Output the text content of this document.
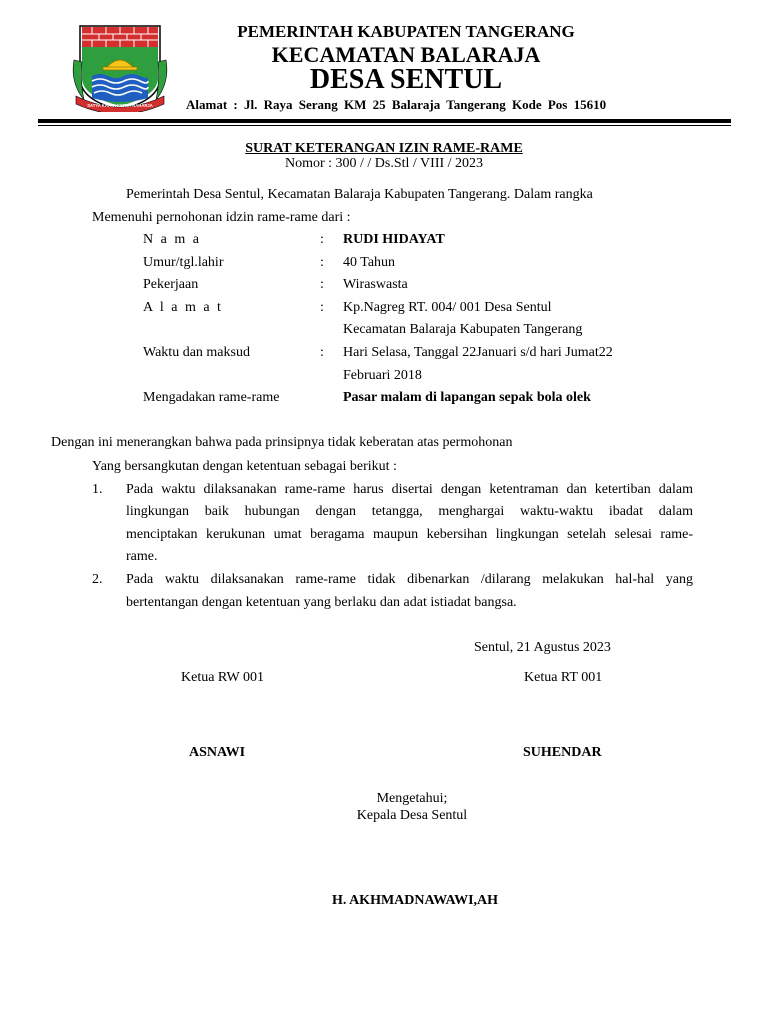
SATYA KARYA KERTA RAHARJA
PEMERINTAH KABUPATEN TANGERANG
KECAMATAN BALARAJA
DESA SENTUL
Alamat : Jl. Raya Serang KM 25 Balaraja Tangerang Kode Pos 15610
SURAT KETERANGAN IZIN RAME-RAME
Nomor : 300 / / Ds.Stl / VIII / 2023
Pemerintah Desa Sentul, Kecamatan Balaraja Kabupaten Tangerang. Dalam rangka
Memenuhi pernohonan idzin rame-rame dari :
N a m a	: RUDI HIDAYAT
Umur/tgl.lahir	: 40 Tahun
Pekerjaan	: Wiraswasta
A l a m a t	: Kp.Nagreg RT. 004/ 001 Desa Sentul
Kecamatan Balaraja Kabupaten Tangerang
Waktu dan maksud	: Hari Selasa, Tanggal 22Januari s/d hari Jumat22
Februari 2018
Mengadakan rame-rame	Pasar malam di lapangan sepak bola olek
Dengan ini menerangkan bahwa pada prinsipnya tidak keberatan atas permohonan
Yang bersangkutan dengan ketentuan sebagai berikut :
1. Pada waktu dilaksanakan rame-rame harus disertai dengan ketentraman dan ketertiban dalam
lingkungan baik hubungan dengan tetangga, menghargai waktu-waktu ibadat dalam
menciptakan kerukunan umat beragama maupun kebersihan lingkungan setelah selesai rame-
rame.
2. Pada waktu dilaksanakan rame-rame tidak dibenarkan /dilarang melakukan hal-hal yang
bertentangan dengan ketentuan yang berlaku dan adat istiadat bangsa.
Sentul, 21 Agustus 2023
Ketua RW 001	Ketua RT 001
ASNAWI	SUHENDAR
Mengetahui;
Kepala Desa Sentul
H. AKHMADNAWAWI,AH
